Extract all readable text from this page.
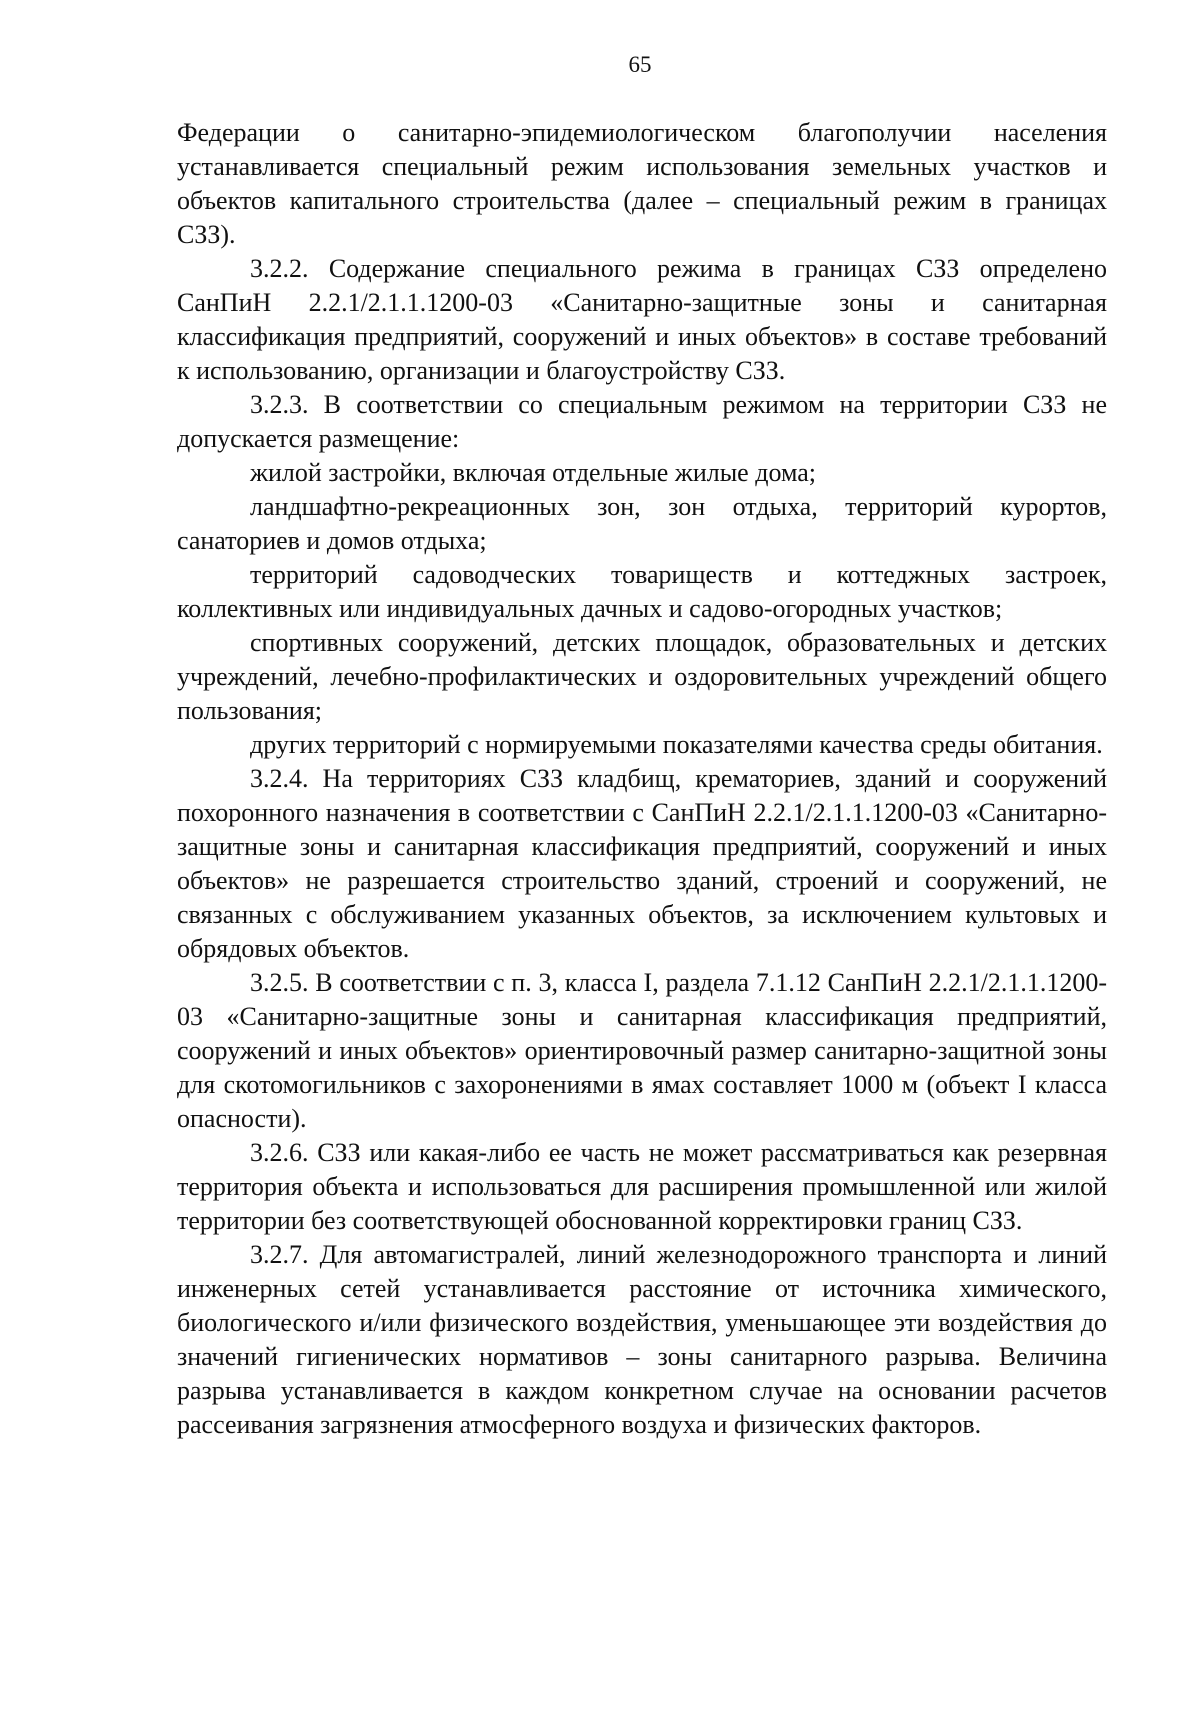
65

Федерации о санитарно-эпидемиологическом благополучии населения устанавливается специальный режим использования земельных участков и объектов капитального строительства (далее – специальный режим в границах СЗЗ).

3.2.2. Содержание специального режима в границах СЗЗ определено СанПиН 2.2.1/2.1.1.1200-03 «Санитарно-защитные зоны и санитарная классификация предприятий, сооружений и иных объектов» в составе требований к использованию, организации и благоустройству СЗЗ.

3.2.3. В соответствии со специальным режимом на территории СЗЗ не допускается размещение:

жилой застройки, включая отдельные жилые дома;

ландшафтно-рекреационных зон, зон отдыха, территорий курортов, санаториев и домов отдыха;

территорий садоводческих товариществ и коттеджных застроек, коллективных или индивидуальных дачных и садово-огородных участков;

спортивных сооружений, детских площадок, образовательных и детских учреждений, лечебно-профилактических и оздоровительных учреждений общего пользования;

других территорий с нормируемыми показателями качества среды обитания.

3.2.4. На территориях СЗЗ кладбищ, крематориев, зданий и сооружений похоронного назначения в соответствии с СанПиН 2.2.1/2.1.1.1200-03 «Санитарно-защитные зоны и санитарная классификация предприятий, сооружений и иных объектов» не разрешается строительство зданий, строений и сооружений, не связанных с обслуживанием указанных объектов, за исключением культовых и обрядовых объектов.

3.2.5. В соответствии с п. 3, класса I, раздела 7.1.12 СанПиН 2.2.1/2.1.1.1200-03 «Санитарно-защитные зоны и санитарная классификация предприятий, сооружений и иных объектов» ориентировочный размер санитарно-защитной зоны для скотомогильников с захоронениями в ямах составляет 1000 м (объект I класса опасности).

3.2.6. СЗЗ или какая-либо ее часть не может рассматриваться как резервная территория объекта и использоваться для расширения промышленной или жилой территории без соответствующей обоснованной корректировки границ СЗЗ.

3.2.7. Для автомагистралей, линий железнодорожного транспорта и линий инженерных сетей устанавливается расстояние от источника химического, биологического и/или физического воздействия, уменьшающее эти воздействия до значений гигиенических нормативов – зоны санитарного разрыва. Величина разрыва устанавливается в каждом конкретном случае на основании расчетов рассеивания загрязнения атмосферного воздуха и физических факторов.
